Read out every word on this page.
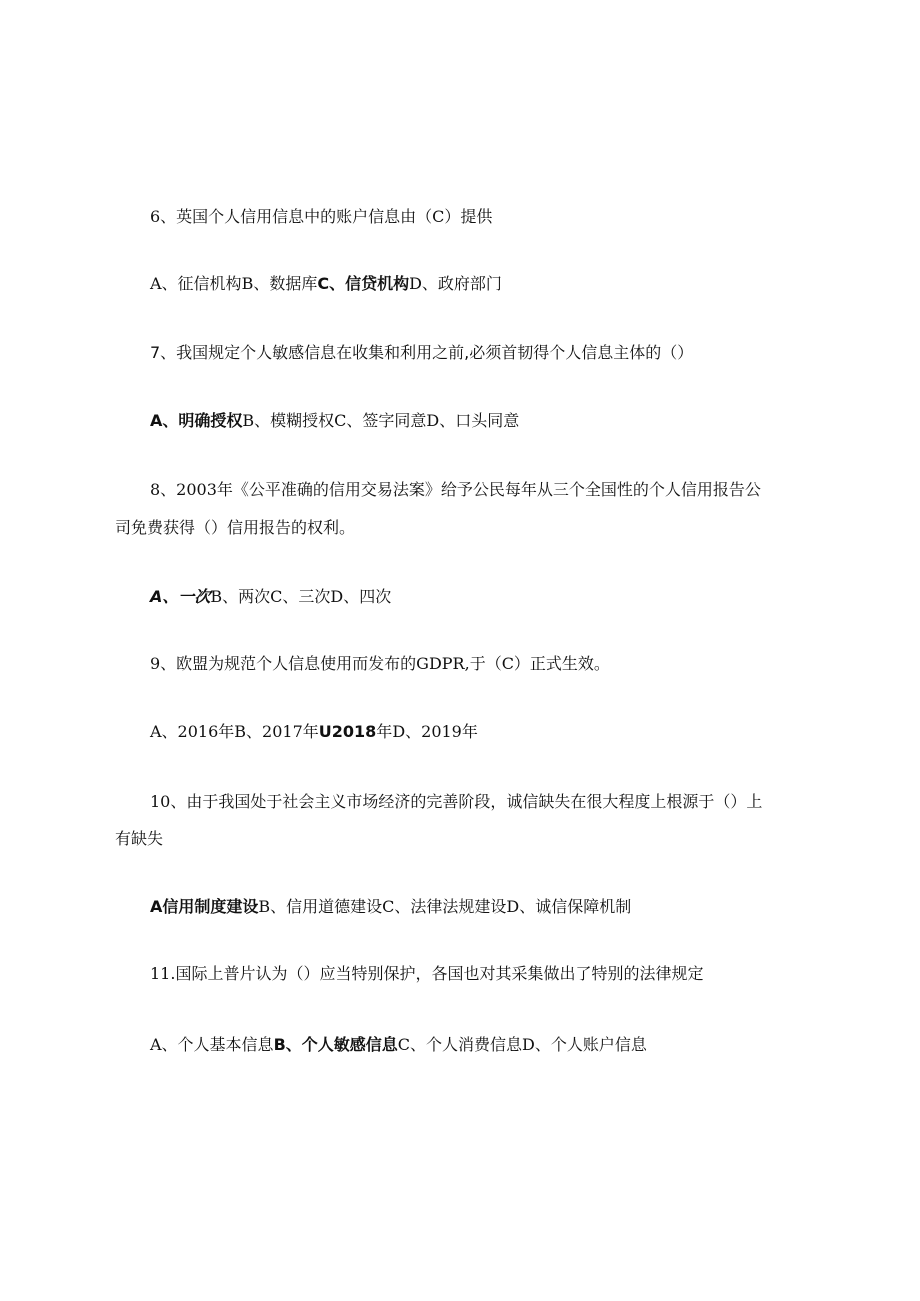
6、英国个人信用信息中的账户信息由（C）提供
A、征信机构B、数据库C、信贷机构D、政府部门
7、我国规定个人敏感信息在收集和利用之前,必须首韧得个人信息主体的（）
A、明确授权B、模糊授权C、签字同意D、口头同意
8、2003年《公平准确的信用交易法案》给予公民每年从三个全国性的个人信用报告公
司免费获得（）信用报告的权利。
A、一次B、两次C、三次D、四次
9、欧盟为规范个人信息使用而发布的GDPR,于（C）正式生效。
A、2016年B、2017年U2018年D、2019年
10、由于我国处于社会主义市场经济的完善阶段，诚信缺失在很大程度上根源于（）上
有缺失
A信用制度建设B、信用道德建设C、法律法规建设D、诚信保障机制
11.国际上普片认为（）应当特别保护，各国也对其采集做出了特别的法律规定
A、个人基本信息B、个人敏感信息C、个人消费信息D、个人账户信息
